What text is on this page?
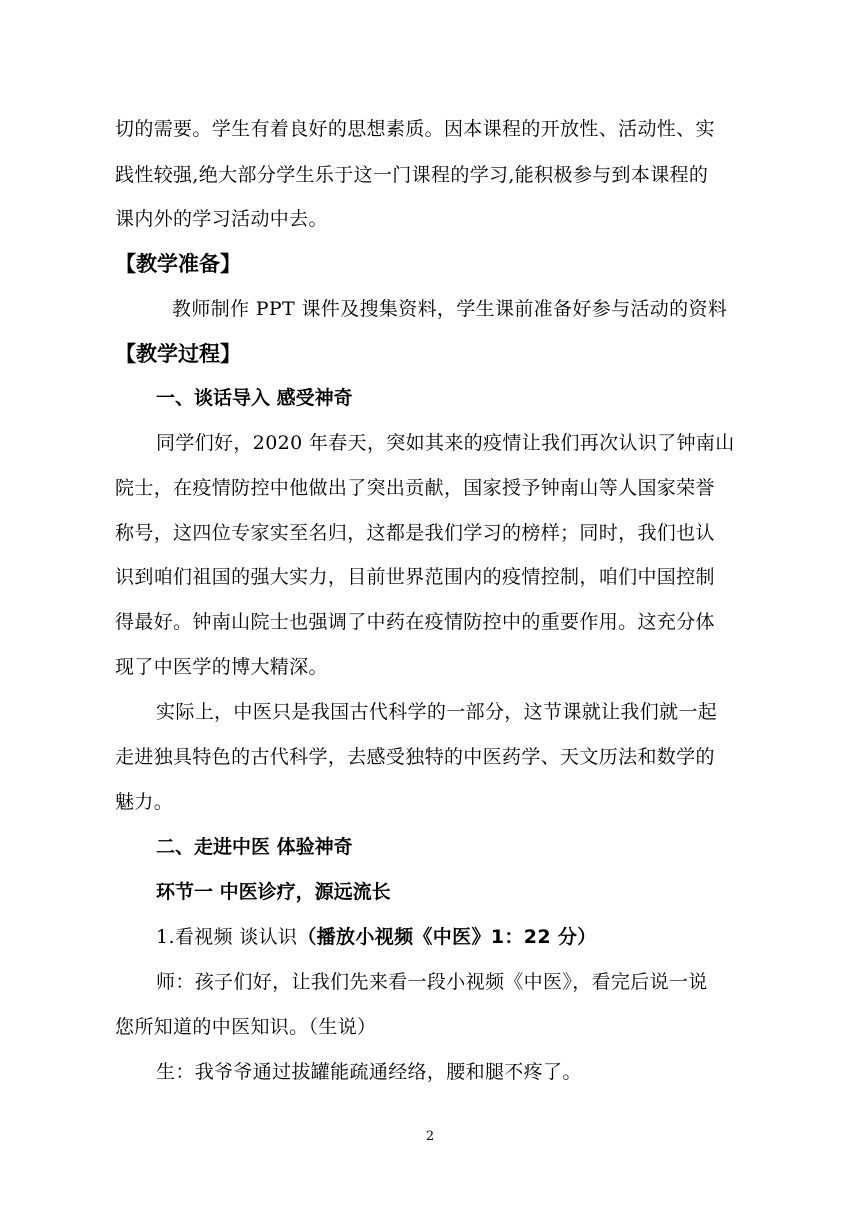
切的需要。学生有着良好的思想素质。因本课程的开放性、活动性、实
践性较强,绝大部分学生乐于这一门课程的学习,能积极参与到本课程的
课内外的学习活动中去。
【教学准备】
教师制作 PPT 课件及搜集资料，学生课前准备好参与活动的资料
【教学过程】
一、谈话导入 感受神奇
同学们好，2020 年春天，突如其来的疫情让我们再次认识了钟南山
院士，在疫情防控中他做出了突出贡献，国家授予钟南山等人国家荣誉
称号，这四位专家实至名归，这都是我们学习的榜样；同时，我们也认
识到咱们祖国的强大实力，目前世界范围内的疫情控制，咱们中国控制
得最好。钟南山院士也强调了中药在疫情防控中的重要作用。这充分体
现了中医学的博大精深。
实际上，中医只是我国古代科学的一部分，这节课就让我们就一起
走进独具特色的古代科学，去感受独特的中医药学、天文历法和数学的
魅力。
二、走进中医 体验神奇
环节一 中医诊疗，源远流长
1.看视频 谈认识（播放小视频《中医》1：22 分）
师：孩子们好，让我们先来看一段小视频《中医》，看完后说一说
您所知道的中医知识。（生说）
生：我爷爷通过拔罐能疏通经络，腰和腿不疼了。
2
